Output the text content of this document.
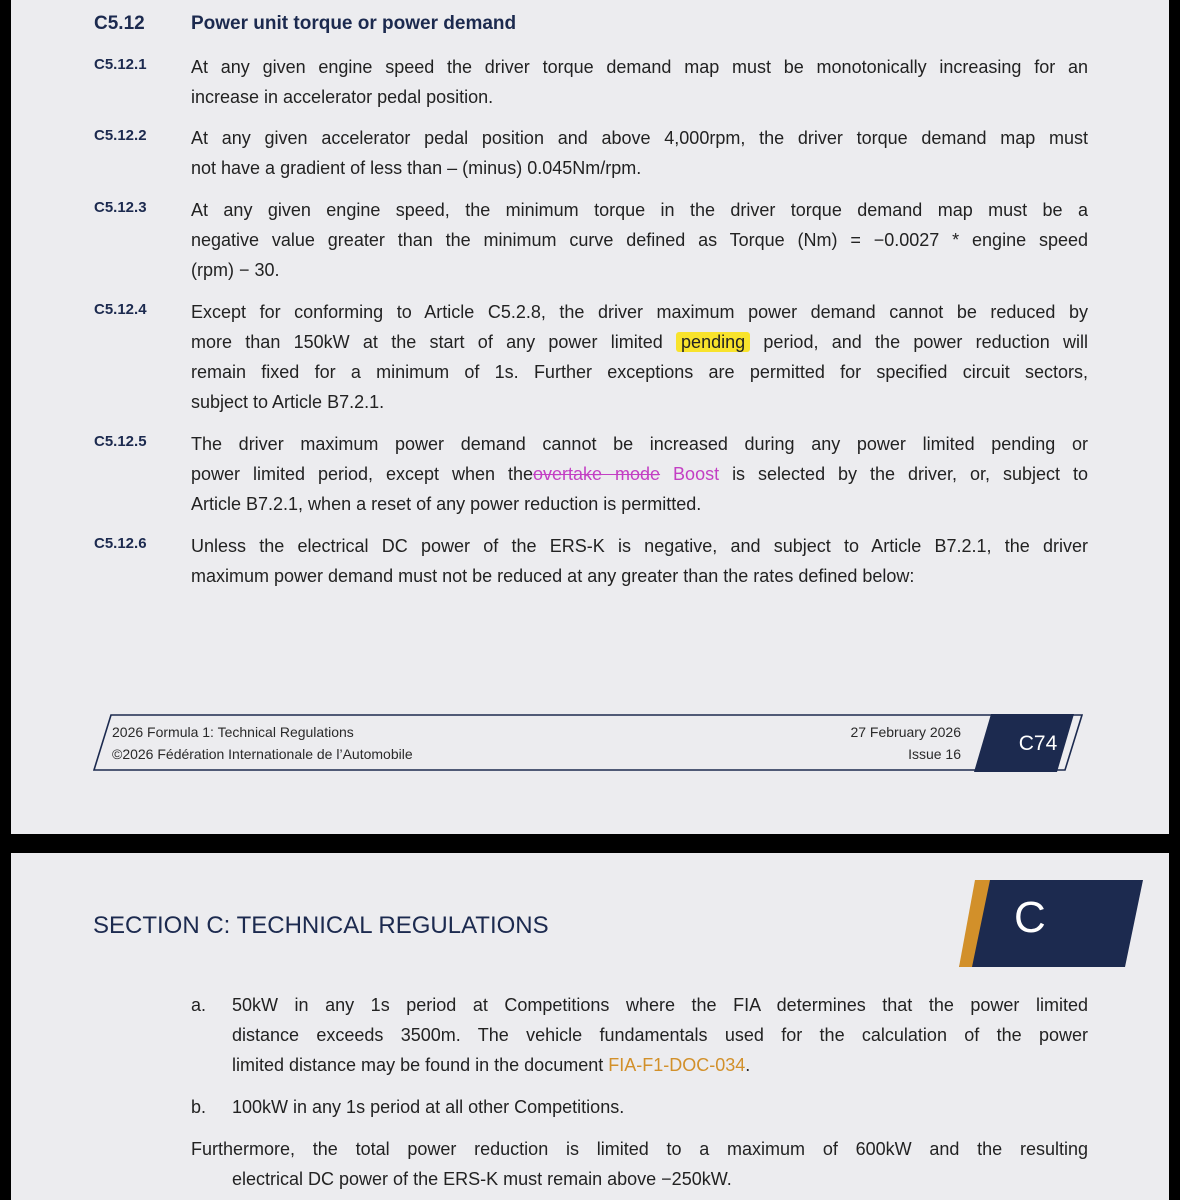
C5.12 Power unit torque or power demand
C5.12.1 At any given engine speed the driver torque demand map must be monotonically increasing for an
increase in accelerator pedal position.

C5.12.2 At any given accelerator pedal position and above 4,000rpm, the driver torque demand map must
not have a gradient of less than – (minus) 0.045Nm/rpm.

C5.12.3 At any given engine speed, the minimum torque in the driver torque demand map must be a
negative value greater than the minimum curve defined as Torque (Nm) = −0.0027 * engine speed
(rpm) − 30.

C5.12.4 Except for conforming to Article C5.2.8, the driver maximum power demand cannot be reduced by
more than 150kW at the start of any power limited pending period, and the power reduction will
remain fixed for a minimum of 1s. Further exceptions are permitted for specified circuit sectors,
subject to Article B7.2.1.

C5.12.5 The driver maximum power demand cannot be increased during any power limited pending or
power limited period, except when theovertake mode Boost is selected by the driver, or, subject to
Article B7.2.1, when a reset of any power reduction is permitted.

C5.12.6 Unless the electrical DC power of the ERS-K is negative, and subject to Article B7.2.1, the driver
maximum power demand must not be reduced at any greater than the rates defined below:

2026 Formula 1: Technical Regulations
©2026 Fédération Internationale de l’Automobile
27 February 2026
Issue 16	C74
SECTION C: TECHNICAL REGULATIONS	C
a. 50kW in any 1s period at Competitions where the FIA determines that the power limited
distance exceeds 3500m. The vehicle fundamentals used for the calculation of the power
limited distance may be found in the document FIA-F1-DOC-034.

b. 100kW in any 1s period at all other Competitions.

Furthermore, the total power reduction is limited to a maximum of 600kW and the resulting
electrical DC power of the ERS-K must remain above −250kW.
